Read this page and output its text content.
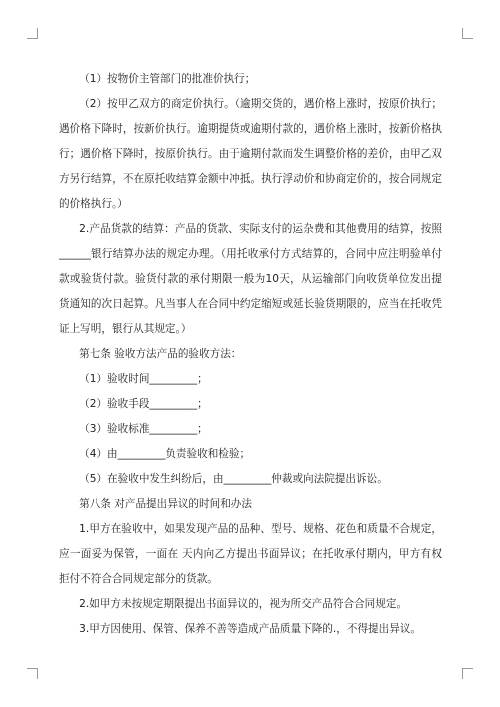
（1）按物价主管部门的批准价执行；

（2）按甲乙双方的商定价执行。（逾期交货的，遇价格上涨时，按原价执行；遇价格下降时，按新价执行。逾期提货或逾期付款的，遇价格上涨时，按新价格执行；遇价格下降时，按原价执行。由于逾期付款而发生调整价格的差价，由甲乙双方另行结算，不在原托收结算金额中冲抵。执行浮动价和协商定价的，按合同规定的价格执行。）

2.产品货款的结算：产品的货款、实际支付的运杂费和其他费用的结算，按照______银行结算办法的规定办理。（用托收承付方式结算的，合同中应注明验单付款或验货付款。验货付款的承付期限一般为10天，从运输部门向收货单位发出提货通知的次日起算。凡当事人在合同中约定缩短或延长验货期限的，应当在托收凭证上写明，银行从其规定。）

第七条 验收方法产品的验收方法：

（1）验收时间_________；

（2）验收手段_________；

（3）验收标准_________；

（4）由_________负责验收和检验；

（5）在验收中发生纠纷后，由_________仲裁或向法院提出诉讼。

第八条 对产品提出异议的时间和办法

1.甲方在验收中，如果发现产品的品种、型号、规格、花色和质量不合规定，应一面妥为保管，一面在 天内向乙方提出书面异议；在托收承付期内，甲方有权拒付不符合合同规定部分的货款。

2.如甲方未按规定期限提出书面异议的，视为所交产品符合合同规定。

3.甲方因使用、保管、保养不善等造成产品质量下降的.，不得提出异议。
